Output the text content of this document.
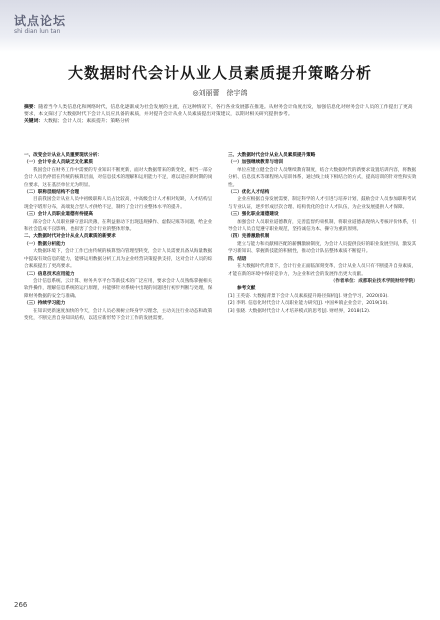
试点论坛
shi dian lun tan
大数据时代会计从业人员素质提升策略分析
◎刘丽蕾　徐宇鸽
摘要：随着当今人类信息化和网络时代，信息化逐渐成为社会发展的主流，在这种情况下，各行各业发展都在推进。从财务会计角度出发，加强信息化对财务会计人员的工作提出了更高要求，本文探讨了大数据时代下会计人员应具备的素质，并对提升会计从业人员素质提出对策建议，以期对相关研究提供参考。
关键词：大数据；会计人员；素质提升；策略分析

一、改变会计从业人员重要现状分析：

（一）会计专业人员缺乏文化素质

我国会计在财务工作中需要的专业知识不断更新，面对大数据带来的新变化，相当一部分会计人员仍停留在传统的核算层面，对信息技术的理解和运用能力不足，难以适应新时期的岗位要求，这在基层单位尤为明显。

（二）职称层级结构不合理

目前我国会计从业人员中初级职称人员占比较高，中高级会计人才相对短缺，人才结构呈现金字塔形分布，高端复合型人才供给不足，制约了会计行业整体水平的提升。

（三）会计人员职业道德有待提高

部分会计人员职业操守意识淡薄，在利益驱动下出现违规操作、虚假记账等问题，给企业和社会造成不良影响，也损害了会计行业的整体形象。

二、大数据时代对会计从业人员素质的新要求

（一）数据分析能力

大数据环境下，会计工作已由传统的核算型向管理型转变，会计人员需要具备从海量数据中提取有效信息的能力，能够运用数据分析工具为企业经营决策提供支持，这对会计人员的综合素质提出了更高要求。

（二）信息技术应用能力

会计信息系统、云计算、财务共享平台等新技术的广泛应用，要求会计人员熟练掌握相关软件操作，理解信息系统的运行原理，并能够针对系统中出现的问题进行初步判断与处理，保障财务数据的安全与准确。

（三）持续学习能力

在知识更新速度加快的今天，会计人员必须树立终身学习理念，主动关注行业动态和政策变化，不断完善自身知识结构，以适应新形势下会计工作的发展需要。

三、大数据时代会计从业人员素质提升策略

（一）加强继续教育与培训

单位应建立健全会计人员继续教育制度，结合大数据时代的新要求设置培训内容，将数据分析、信息技术等课程纳入培训体系，通过线上线下相结合的方式，提高培训的针对性和实效性。

（二）优化人才结构

企业应根据自身发展需要，制定科学的人才引进与培养计划，鼓励会计人员参加职称考试与专业认证，逐步形成层次合理、结构优化的会计人才队伍，为企业发展提供人才保障。

（三）强化职业道德建设

加强会计人员职业道德教育，完善监督约束机制，将职业道德表现纳入考核评价体系，引导会计人员自觉遵守职业规范，坚持诚信为本、操守为重的原则。

（四）完善激励机制

建立与能力和贡献相匹配的薪酬激励制度，为会计人员提供良好的职业发展空间，激发其学习新知识、掌握新技能的积极性，推动会计队伍整体素质不断提升。

四、结语

在大数据时代背景下，会计行业正面临深刻变革，会计从业人员只有不断提升自身素质，才能在新的环境中保持竞争力，为企业和社会的发展作出更大贡献。

（作者单位：成都职业技术学院财经学院）

参考文献

[1] 王英姿. 大数据背景下会计人员素质提升路径探析[J]. 财会学习，2020(03).

[2] 李明. 信息化时代会计人员职业能力研究[J]. 中国乡镇企业会计，2019(10).

[3] 张晓. 大数据时代会计人才培养模式的思考[J]. 财经界，2018(12).

266
